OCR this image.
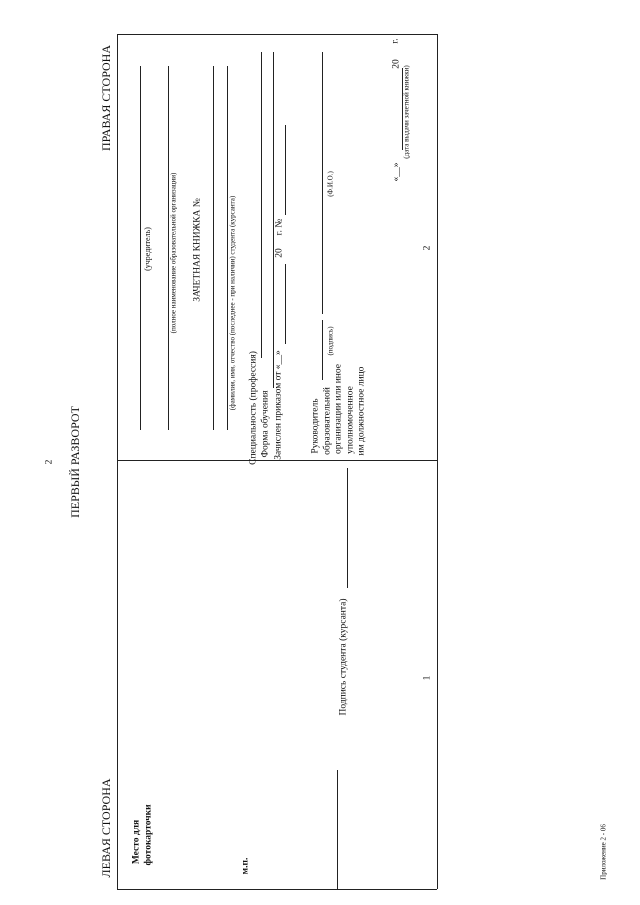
2 ПЕРВЫЙ РАЗВОРОТ
ЛЕВАЯ СТОРОНА
ПРАВАЯ СТОРОНА
Место для фотокарточки
м.п.
Подпись студента (курсанта)	1
(учредитель)	(полное наименование образовательной организации) ЗАЧЕТНАЯ КНИЖКА №	(фамилия, имя, отчество (последнее - при наличии) студента (курсанта) Специальность (профессия) Форма обучения Зачислен приказом от «__»
20
г. №
Руководитель образовательной организации или иное уполномоченное им должностное лицо
(подпись)
(Ф.И.О.)	«__»
20
г.
(дата выдачи зачетной книжки)
2
Приложение 2 - 06
